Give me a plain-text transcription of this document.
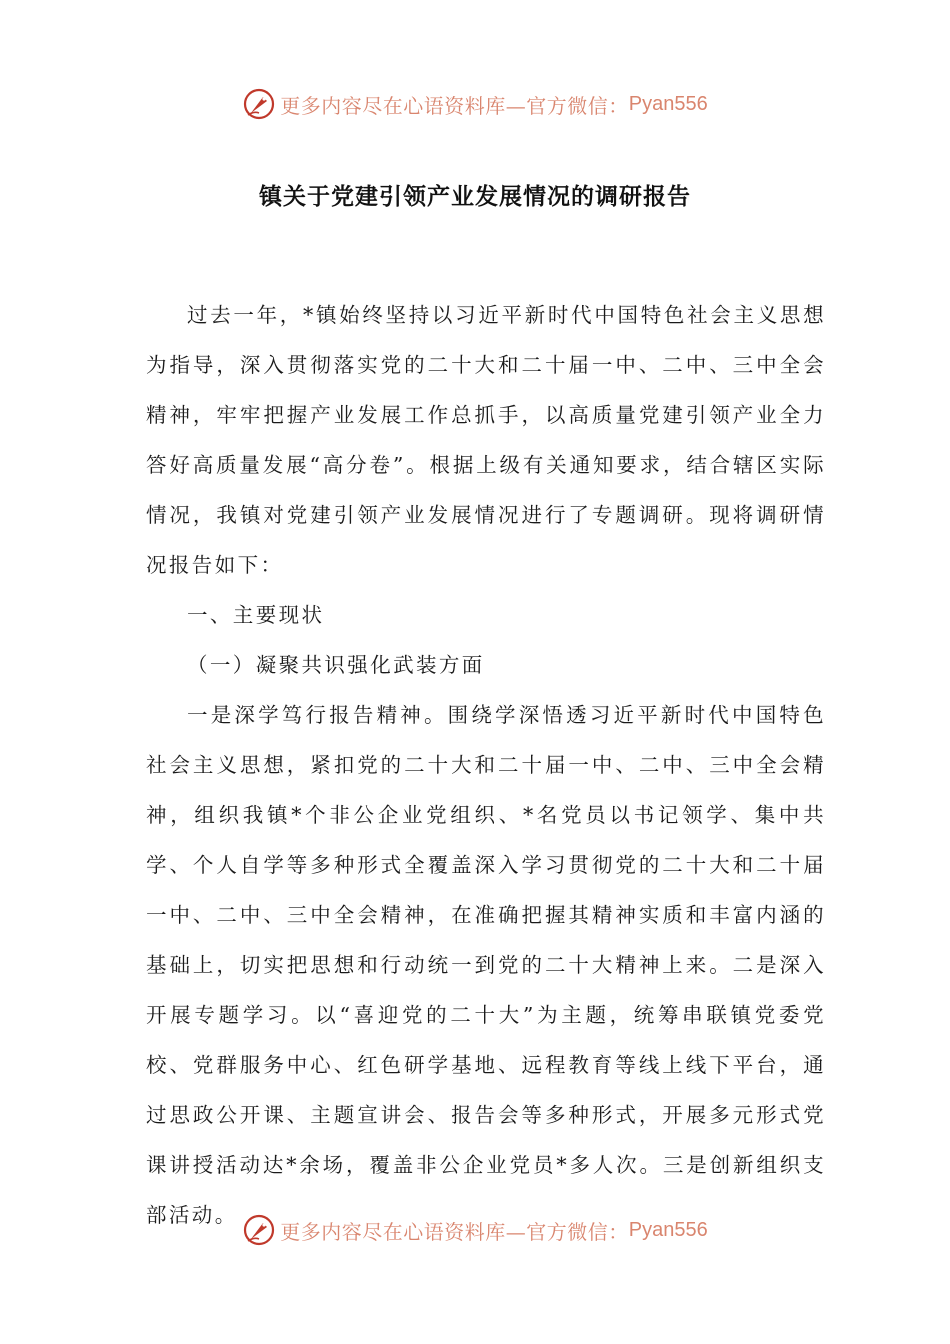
更多内容尽在心语资料库—官方微信： Pyan556
镇关于党建引领产业发展情况的调研报告

过去一年，*镇始终坚持以习近平新时代中国特色社会主义思想为指导，深入贯彻落实党的二十大和二十届一中、二中、三中全会精神，牢牢把握产业发展工作总抓手，以高质量党建引领产业全力答好高质量发展“高分卷”。根据上级有关通知要求，结合辖区实际情况，我镇对党建引领产业发展情况进行了专题调研。现将调研情况报告如下：

一、主要现状

（一）凝聚共识强化武装方面

一是深学笃行报告精神。围绕学深悟透习近平新时代中国特色社会主义思想，紧扣党的二十大和二十届一中、二中、三中全会精神，组织我镇*个非公企业党组织、*名党员以书记领学、集中共学、个人自学等多种形式全覆盖深入学习贯彻党的二十大和二十届一中、二中、三中全会精神，在准确把握其精神实质和丰富内涵的基础上，切实把思想和行动统一到党的二十大精神上来。二是深入开展专题学习。以“喜迎党的二十大”为主题，统筹串联镇党委党校、党群服务中心、红色研学基地、远程教育等线上线下平台，通过思政公开课、主题宣讲会、报告会等多种形式，开展多元形式党课讲授活动达*余场，覆盖非公企业党员*多人次。三是创新组织支部活动。

更多内容尽在心语资料库—官方微信： Pyan556
